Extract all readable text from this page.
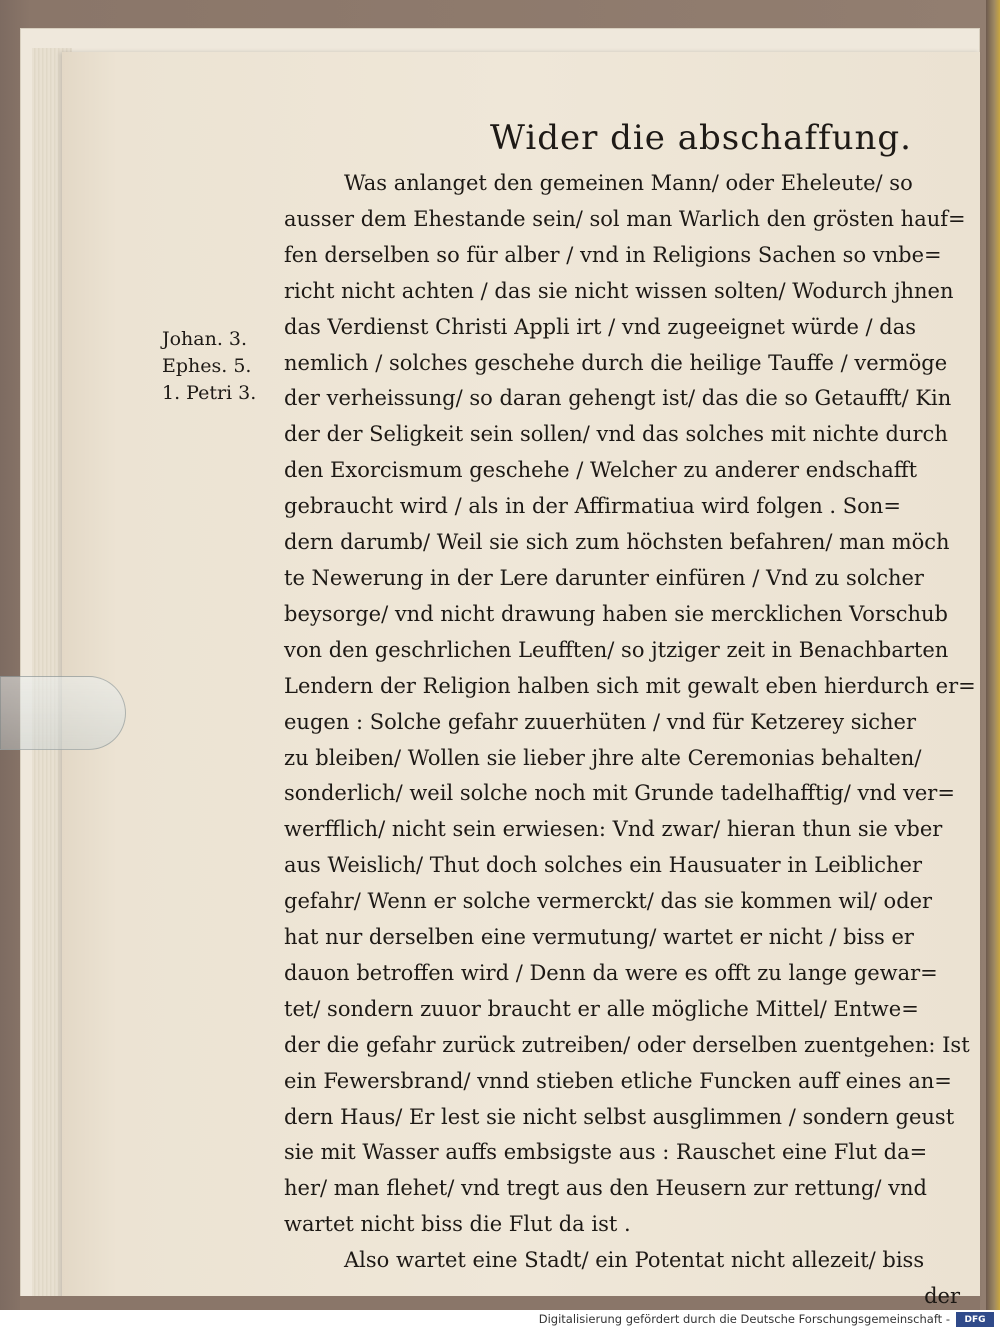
Wider die abschaffung.
Johan. 3.
Ephes. 5.
1. Petri 3.
Was anlanget den gemeinen Mann/ oder Eheleute/ so
ausser dem Ehestande sein/ sol man Warlich den grösten hauf=
fen derselben so für alber / vnd in Religions Sachen so vnbe=
richt nicht achten / das sie nicht wissen solten/ Wodurch jhnen
das Verdienst Christi Appli irt / vnd zugeeignet würde / das
nemlich / solches geschehe durch die heilige Tauffe / vermöge
der verheissung/ so daran gehengt ist/ das die so Getaufft/ Kin
der der Seligkeit sein sollen/ vnd das solches mit nichte durch
den Exorcismum geschehe / Welcher zu anderer endschafft
gebraucht wird / als in der Affirmatiua wird folgen . Son=
dern darumb/ Weil sie sich zum höchsten befahren/ man möch
te Newerung in der Lere darunter einfüren / Vnd zu solcher
beysorge/ vnd nicht drawung haben sie mercklichen Vorschub
von den geschrlichen Leufften/ so jtziger zeit in Benachbarten
Lendern der Religion halben sich mit gewalt eben hierdurch er=
eugen : Solche gefahr zuuerhüten / vnd für Ketzerey sicher
zu bleiben/ Wollen sie lieber jhre alte Ceremonias behalten/
sonderlich/ weil solche noch mit Grunde tadelhafftig/ vnd ver=
werfflich/ nicht sein erwiesen: Vnd zwar/ hieran thun sie vber
aus Weislich/ Thut doch solches ein Hausuater in Leiblicher
gefahr/ Wenn er solche vermerckt/ das sie kommen wil/ oder
hat nur derselben eine vermutung/ wartet er nicht / biss er
dauon betroffen wird / Denn da were es offt zu lange gewar=
tet/ sondern zuuor braucht er alle mögliche Mittel/ Entwe=
der die gefahr zurück zutreiben/ oder derselben zuentgehen: Ist
ein Fewersbrand/ vnnd stieben etliche Funcken auff eines an=
dern Haus/ Er lest sie nicht selbst ausglimmen / sondern geust
sie mit Wasser auffs embsigste aus : Rauschet eine Flut da=
her/ man flehet/ vnd tregt aus den Heusern zur rettung/ vnd
wartet nicht biss die Flut da ist .
Also wartet eine Stadt/ ein Potentat nicht allezeit/ biss
der
Digitalisierung gefördert durch die Deutsche Forschungsgemeinschaft -	DFG
